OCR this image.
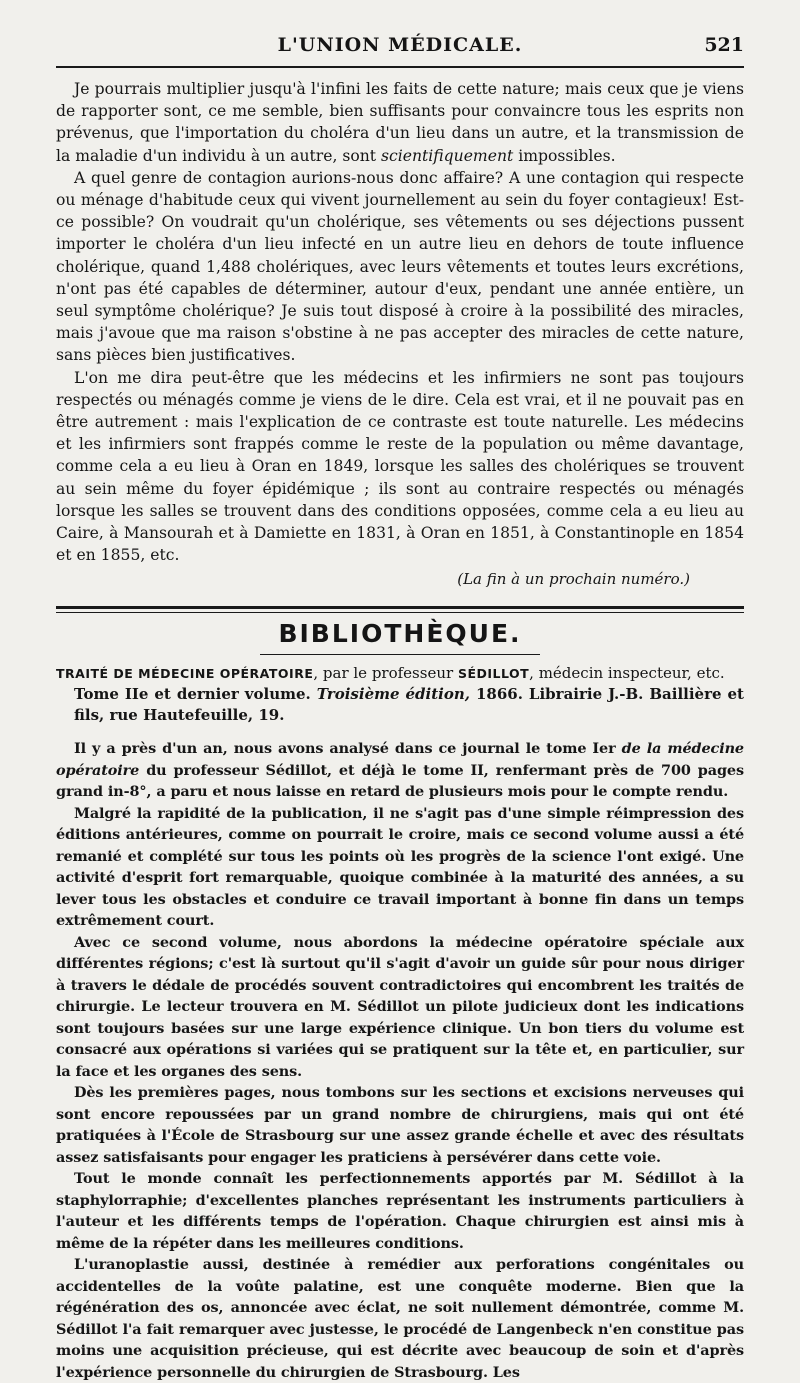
L'UNION MÉDICALE.	521

Je pourrais multiplier jusqu'à l'infini les faits de cette nature; mais ceux que je viens de rapporter sont, ce me semble, bien suffisants pour convaincre tous les esprits non prévenus, que l'importation du choléra d'un lieu dans un autre, et la transmission de la maladie d'un individu à un autre, sont scientifiquement impossibles.

A quel genre de contagion aurions-nous donc affaire? A une contagion qui respecte ou ménage d'habitude ceux qui vivent journellement au sein du foyer contagieux! Est-ce possible? On voudrait qu'un cholérique, ses vêtements ou ses déjections pussent importer le choléra d'un lieu infecté en un autre lieu en dehors de toute influence cholérique, quand 1,488 cholériques, avec leurs vêtements et toutes leurs excrétions, n'ont pas été capables de déterminer, autour d'eux, pendant une année entière, un seul symptôme cholérique? Je suis tout disposé à croire à la possibilité des miracles, mais j'avoue que ma raison s'obstine à ne pas accepter des miracles de cette nature, sans pièces bien justificatives.

L'on me dira peut-être que les médecins et les infirmiers ne sont pas toujours respectés ou ménagés comme je viens de le dire. Cela est vrai, et il ne pouvait pas en être autrement : mais l'explication de ce contraste est toute naturelle. Les médecins et les infirmiers sont frappés comme le reste de la population ou même davantage, comme cela a eu lieu à Oran en 1849, lorsque les salles des cholériques se trouvent au sein même du foyer épidémique ; ils sont au contraire respectés ou ménagés lorsque les salles se trouvent dans des conditions opposées, comme cela a eu lieu au Caire, à Mansourah et à Damiette en 1831, à Oran en 1851, à Constantinople en 1854 et en 1855, etc.

(La fin à un prochain numéro.)
BIBLIOTHÈQUE.
TRAITÉ DE MÉDECINE OPÉRATOIRE, par le professeur SÉDILLOT, médecin inspecteur, etc.
Tome IIe et dernier volume. Troisième édition, 1866. Librairie J.-B. Baillière et fils, rue Hautefeuille, 19.

Il y a près d'un an, nous avons analysé dans ce journal le tome Ier de la médecine opératoire du professeur Sédillot, et déjà le tome II, renfermant près de 700 pages grand in-8°, a paru et nous laisse en retard de plusieurs mois pour le compte rendu.

Malgré la rapidité de la publication, il ne s'agit pas d'une simple réimpression des éditions antérieures, comme on pourrait le croire, mais ce second volume aussi a été remanié et complété sur tous les points où les progrès de la science l'ont exigé. Une activité d'esprit fort remarquable, quoique combinée à la maturité des années, a su lever tous les obstacles et conduire ce travail important à bonne fin dans un temps extrêmement court.

Avec ce second volume, nous abordons la médecine opératoire spéciale aux différentes régions; c'est là surtout qu'il s'agit d'avoir un guide sûr pour nous diriger à travers le dédale de procédés souvent contradictoires qui encombrent les traités de chirurgie. Le lecteur trouvera en M. Sédillot un pilote judicieux dont les indications sont toujours basées sur une large expérience clinique. Un bon tiers du volume est consacré aux opérations si variées qui se pratiquent sur la tête et, en particulier, sur la face et les organes des sens.

Dès les premières pages, nous tombons sur les sections et excisions nerveuses qui sont encore repoussées par un grand nombre de chirurgiens, mais qui ont été pratiquées à l'École de Strasbourg sur une assez grande échelle et avec des résultats assez satisfaisants pour engager les praticiens à persévérer dans cette voie.

Tout le monde connaît les perfectionnements apportés par M. Sédillot à la staphylorraphie; d'excellentes planches représentant les instruments particuliers à l'auteur et les différents temps de l'opération. Chaque chirurgien est ainsi mis à même de la répéter dans les meilleures conditions.

L'uranoplastie aussi, destinée à remédier aux perforations congénitales ou accidentelles de la voûte palatine, est une conquête moderne. Bien que la régénération des os, annoncée avec éclat, ne soit nullement démontrée, comme M. Sédillot l'a fait remarquer avec justesse, le procédé de Langenbeck n'en constitue pas moins une acquisition précieuse, qui est décrite avec beaucoup de soin et d'après l'expérience personnelle du chirurgien de Strasbourg. Les
